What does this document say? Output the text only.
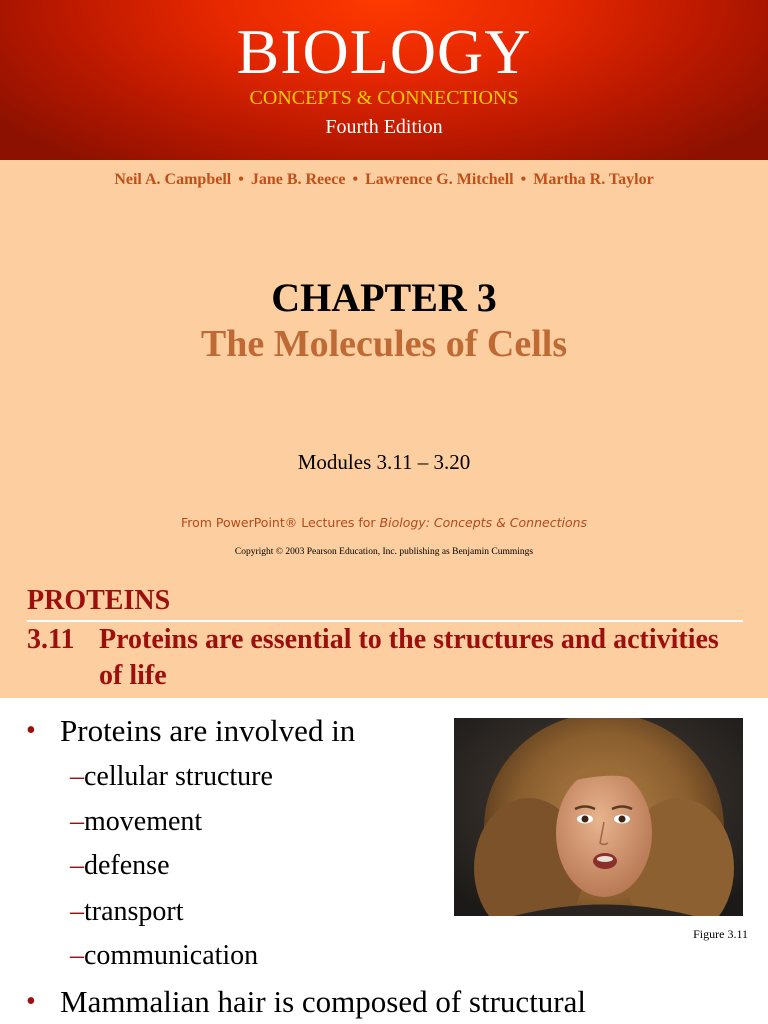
BIOLOGY
CONCEPTS & CONNECTIONS
Fourth Edition
Neil A. Campbell • Jane B. Reece • Lawrence G. Mitchell • Martha R. Taylor
CHAPTER 3
The Molecules of Cells
Modules 3.11 – 3.20
From PowerPoint® Lectures for Biology: Concepts & Connections
Copyright © 2003 Pearson Education, Inc. publishing as Benjamin Cummings
PROTEINS
3.11 Proteins are essential to the structures and activities of life
• Proteins are involved in
–cellular structure
–movement
–defense
–transport
–communication
• Mammalian hair is composed of structural
Figure 3.11
